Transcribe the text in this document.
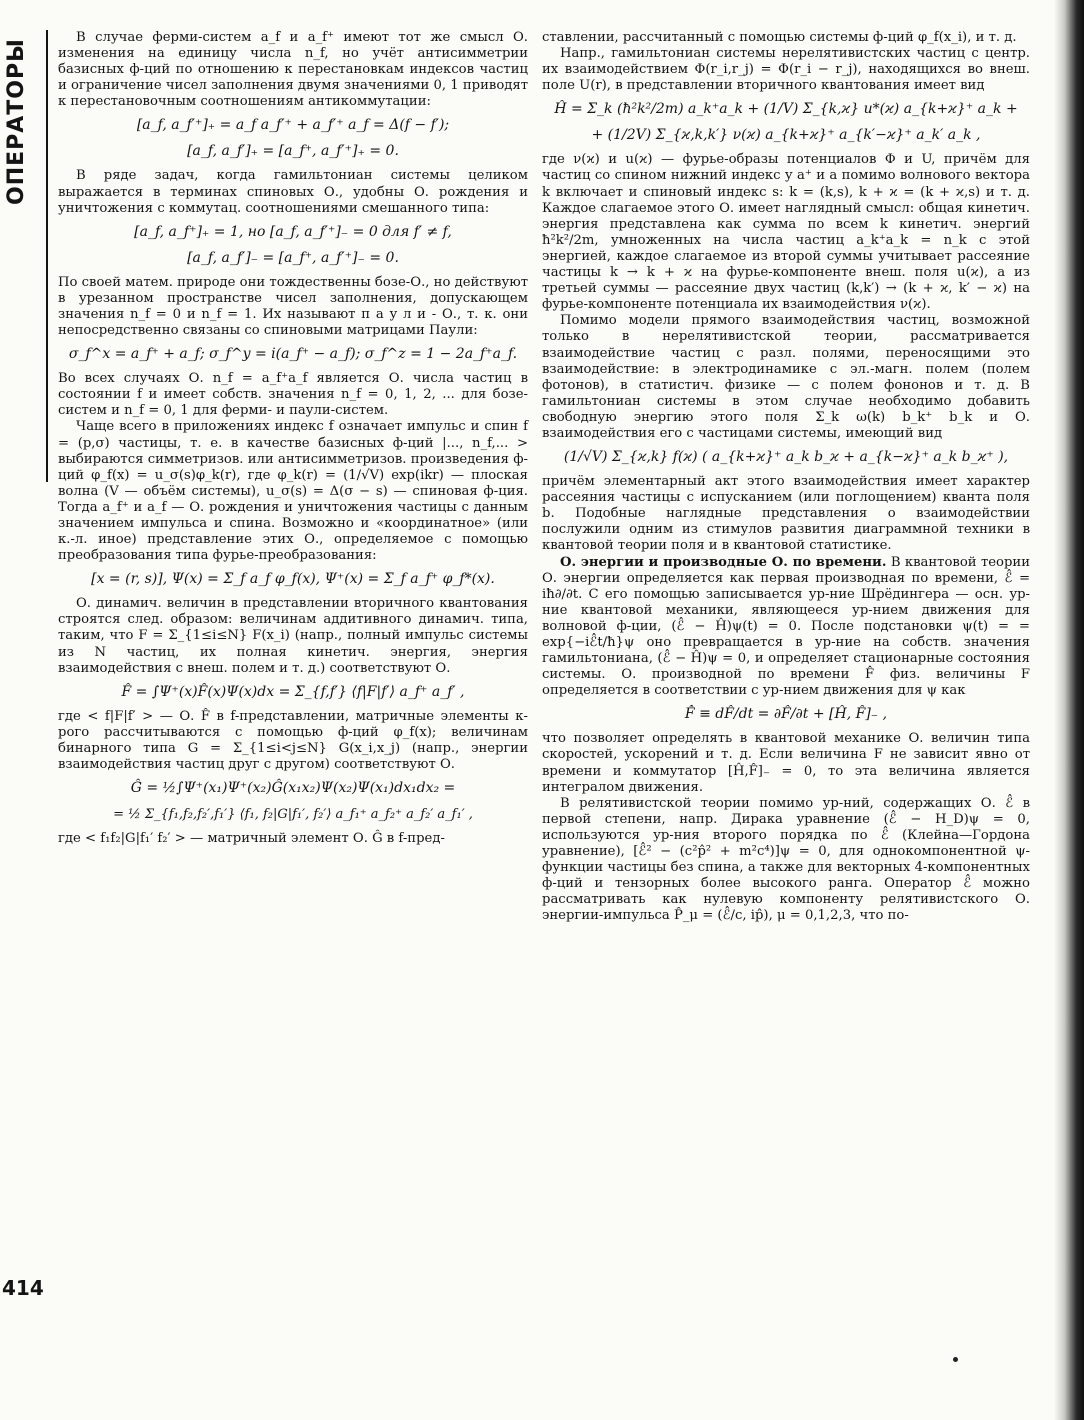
ОПЕРАТОРЫ

В случае ферми-систем a_f и a_f⁺ имеют тот же смысл О. изменения на единицу числа n_f, но учёт антисимметрии базисных ф-ций по отношению к перестановкам индексов частиц и ограничение чисел заполнения двумя значениями 0, 1 приводят к перестановочным соотношениям антикоммутации:

[a_f, a_f′⁺]₊ = a_f a_f′⁺ + a_f′⁺ a_f = Δ(f − f′);
[a_f, a_f′]₊ = [a_f⁺, a_f′⁺]₊ = 0.

В ряде задач, когда гамильтониан системы целиком выражается в терминах спиновых О., удобны О. рождения и уничтожения с коммутац. соотношениями смешанного типа:

[a_f, a_f⁺]₊ = 1, но [a_f, a_f′⁺]₋ = 0 для f′ ≠ f,
[a_f, a_f′]₋ = [a_f⁺, a_f′⁺]₋ = 0.

По своей матем. природе они тождественны бозе-О., но действуют в урезанном пространстве чисел заполнения, допускающем значения n_f = 0 и n_f = 1. Их называют п а у л и - О., т. к. они непосредственно связаны со спиновыми матрицами Паули:

σ_f^x = a_f⁺ + a_f; σ_f^y = i(a_f⁺ − a_f); σ_f^z = 1 − 2a_f⁺a_f.

Во всех случаях О. n_f = a_f⁺a_f является О. числа частиц в состоянии f и имеет собств. значения n_f = 0, 1, 2, ... для бозе-систем и n_f = 0, 1 для ферми- и паули-систем.

Чаще всего в приложениях индекс f означает импульс и спин f = (p,σ) частицы, т. е. в качестве базисных ф-ций |..., n_f,... > выбираются симметризов. или антисимметризов. произведения ф-ций φ_f(x) = u_σ(s)φ_k(r), где φ_k(r) = (1/√V) exp(ikr) — плоская волна (V — объём системы), u_σ(s) = Δ(σ − s) — спиновая ф-ция. Тогда a_f⁺ и a_f — О. рождения и уничтожения частицы с данным значением импульса и спина. Возможно и «координатное» (или к.-л. иное) представление этих О., определяемое с помощью преобразования типа фурье-преобразования:

[x = (r, s)], Ψ(x) = Σ_f a_f φ_f(x), Ψ⁺(x) = Σ_f a_f⁺ φ_f*(x).

О. динамич. величин в представлении вторичного квантования строятся след. образом: величинам аддитивного динамич. типа, таким, что F = Σ_{1≤i≤N} F(x_i) (напр., полный импульс системы из N частиц, их полная кинетич. энергия, энергия взаимодействия с внеш. полем и т. д.) соответствуют О.

F̂ = ∫Ψ⁺(x)F̂(x)Ψ(x)dx = Σ_{f,f′} ⟨f|F|f′⟩ a_f⁺ a_f′ ,

где < f|F|f′ > — О. F̂ в f-представлении, матричные элементы к-рого рассчитываются с помощью ф-ций φ_f(x); величинам бинарного типа G = Σ_{1≤i<j≤N} G(x_i,x_j) (напр., энергии взаимодействия частиц друг с другом) соответствуют О.

Ĝ = ½∫Ψ⁺(x₁)Ψ⁺(x₂)Ĝ(x₁x₂)Ψ(x₂)Ψ(x₁)dx₁dx₂ =
= ½ Σ_{f₁,f₂,f₂′,f₁′} ⟨f₁, f₂|G|f₁′, f₂′⟩ a_f₁⁺ a_f₂⁺ a_f₂′ a_f₁′ ,

где < f₁f₂|G|f₁′ f₂′ > — матричный элемент О. Ĝ в f-пред-

ставлении, рассчитанный с помощью системы ф-ций φ_f(x_i), и т. д.

Напр., гамильтониан системы нерелятивистских частиц с центр. их взаимодействием Φ(r_i,r_j) = Φ(r_i − r_j), находящихся во внеш. поле U(r), в представлении вторичного квантования имеет вид

Ĥ = Σ_k (ħ²k²/2m) a_k⁺a_k + (1/V) Σ_{k,ϰ} u*(ϰ) a_{k+ϰ}⁺ a_k +
+ (1/2V) Σ_{ϰ,k,k′} ν(ϰ) a_{k+ϰ}⁺ a_{k′−ϰ}⁺ a_k′ a_k ,

где ν(ϰ) и u(ϰ) — фурье-образы потенциалов Φ и U, причём для частиц со спином нижний индекс у a⁺ и a помимо волнового вектора k включает и спиновый индекс s: k = (k,s), k + ϰ = (k + ϰ,s) и т. д. Каждое слагаемое этого О. имеет наглядный смысл: общая кинетич. энергия представлена как сумма по всем k кинетич. энергий ħ²k²/2m, умноженных на числа частиц a_k⁺a_k = n_k с этой энергией, каждое слагаемое из второй суммы учитывает рассеяние частицы k → k + ϰ на фурье-компоненте внеш. поля u(ϰ), а из третьей суммы — рассеяние двух частиц (k,k′) → (k + ϰ, k′ − ϰ) на фурье-компоненте потенциала их взаимодействия ν(ϰ).

Помимо модели прямого взаимодействия частиц, возможной только в нерелятивистской теории, рассматривается взаимодействие частиц с разл. полями, переносящими это взаимодействие: в электродинамике с эл.-магн. полем (полем фотонов), в статистич. физике — с полем фононов и т. д. В гамильтониан системы в этом случае необходимо добавить свободную энергию этого поля Σ_k ω(k) b_k⁺ b_k и О. взаимодействия его с частицами системы, имеющий вид

(1/√V) Σ_{ϰ,k} f(ϰ) ( a_{k+ϰ}⁺ a_k b_ϰ + a_{k−ϰ}⁺ a_k b_ϰ⁺ ),

причём элементарный акт этого взаимодействия имеет характер рассеяния частицы с испусканием (или поглощением) кванта поля b. Подобные наглядные представления о взаимодействии послужили одним из стимулов развития диаграммной техники в квантовой теории поля и в квантовой статистике.

О. энергии и производные О. по времени. В квантовой теории О. энергии определяется как первая производная по времени, ℰ̂ = iħ∂/∂t. С его помощью записывается ур-ние Шрёдингера — осн. ур-ние квантовой механики, являющееся ур-нием движения для волновой ф-ции, (ℰ̂ − Ĥ)ψ(t) = 0. После подстановки ψ(t) = = exp{−iℰ̂t/ħ}ψ оно превращается в ур-ние на собств. значения гамильтониана, (ℰ̂ − Ĥ)ψ = 0, и определяет стационарные состояния системы. О. производной по времени F̂̇ физ. величины F определяется в соответствии с ур-нием движения для ψ как

F̂̇ ≡ dF̂/dt = ∂F̂/∂t + [Ĥ, F̂]₋ ,

что позволяет определять в квантовой механике О. величин типа скоростей, ускорений и т. д. Если величина F не зависит явно от времени и коммутатор [Ĥ,F̂]₋ = 0, то эта величина является интегралом движения.

В релятивистской теории помимо ур-ний, содержащих О. ℰ̂ в первой степени, напр. Дирака уравнение (ℰ̂ − H_D)ψ = 0, используются ур-ния второго порядка по ℰ̂ (Клейна—Гордона уравнение), [ℰ̂² − (c²p̂² + m²c⁴)]ψ = 0, для однокомпонентной ψ-функции частицы без спина, а также для векторных 4-компонентных ф-ций и тензорных более высокого ранга. Оператор ℰ̂ можно рассматривать как нулевую компоненту релятивистского О. энергии-импульса P̂_μ = (ℰ̂/c, ip̂), μ = 0,1,2,3, что по-

414
